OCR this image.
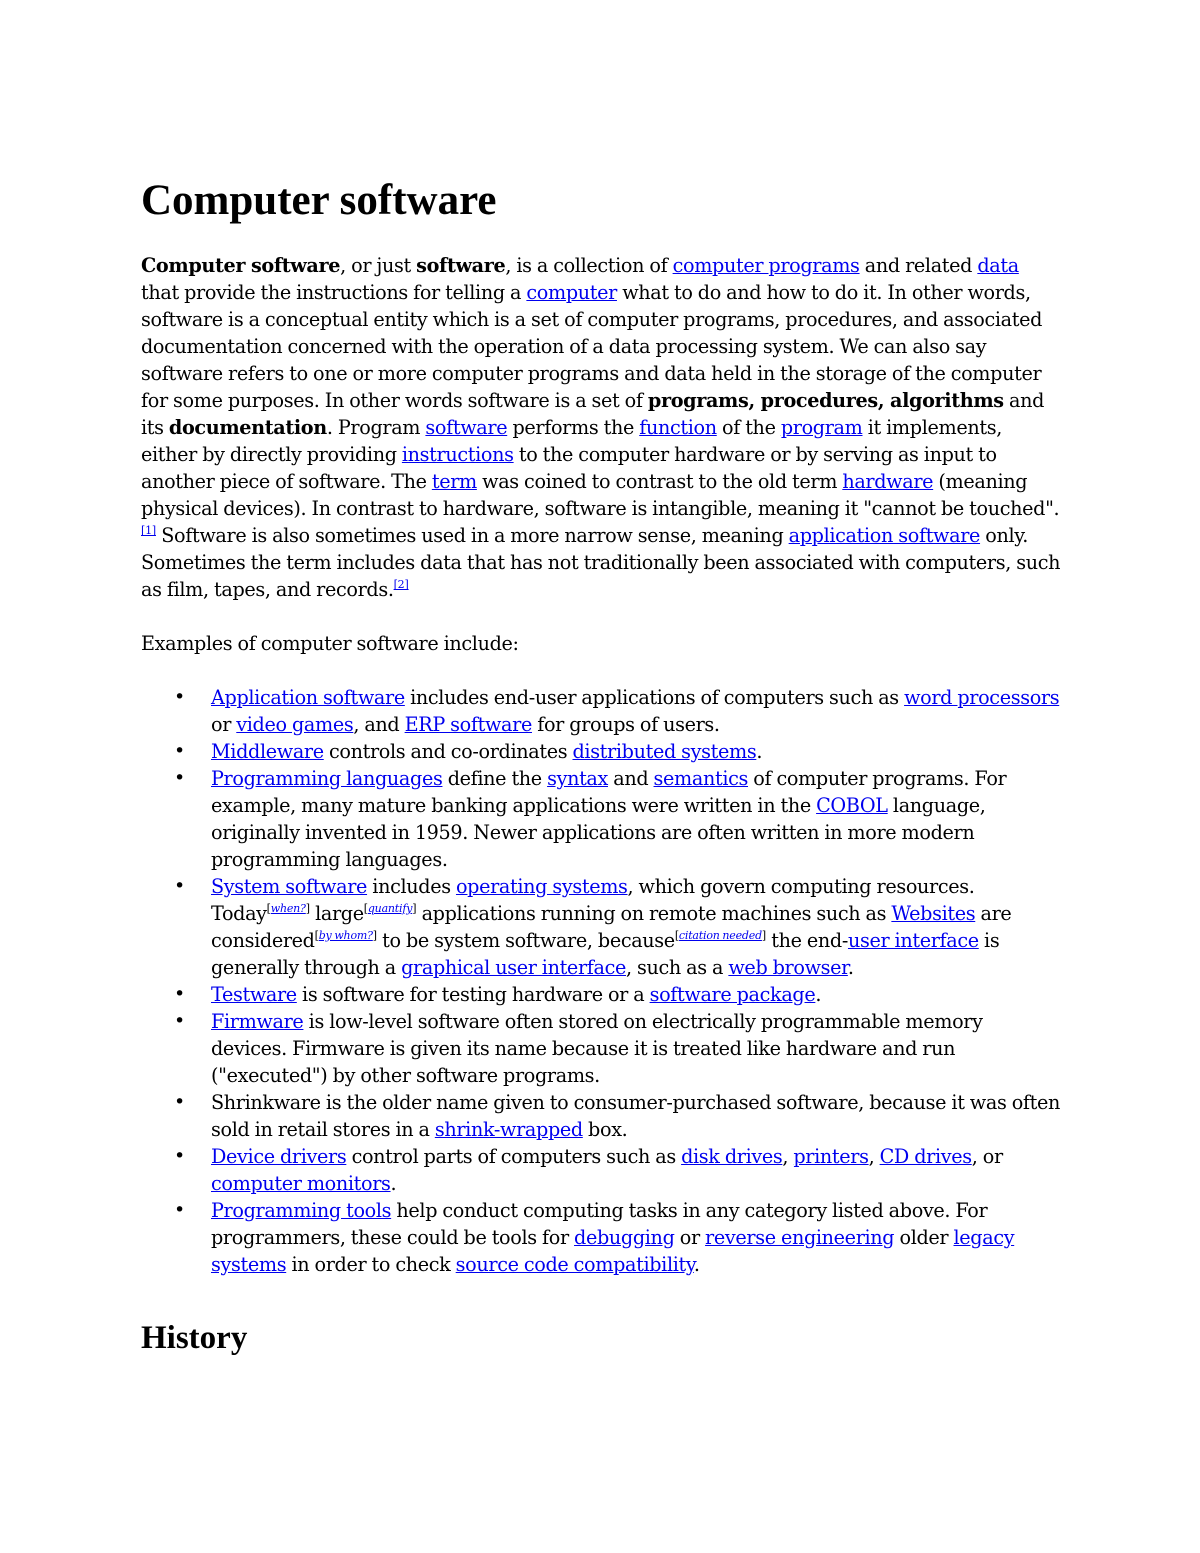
Computer software

Computer software, or just software, is a collection of computer programs and related data that provide the instructions for telling a computer what to do and how to do it. In other words, software is a conceptual entity which is a set of computer programs, procedures, and associated documentation concerned with the operation of a data processing system. We can also say software refers to one or more computer programs and data held in the storage of the computer for some purposes. In other words software is a set of programs, procedures, algorithms and its documentation. Program software performs the function of the program it implements, either by directly providing instructions to the computer hardware or by serving as input to another piece of software. The term was coined to contrast to the old term hardware (meaning physical devices). In contrast to hardware, software is intangible, meaning it "cannot be touched".[1] Software is also sometimes used in a more narrow sense, meaning application software only. Sometimes the term includes data that has not traditionally been associated with computers, such as film, tapes, and records.[2]

Examples of computer software include:

• Application software includes end-user applications of computers such as word processors or video games, and ERP software for groups of users.
• Middleware controls and co-ordinates distributed systems.
• Programming languages define the syntax and semantics of computer programs. For example, many mature banking applications were written in the COBOL language, originally invented in 1959. Newer applications are often written in more modern programming languages.
• System software includes operating systems, which govern computing resources. Today[when?] large[quantify] applications running on remote machines such as Websites are considered[by whom?] to be system software, because[citation needed] the end-user interface is generally through a graphical user interface, such as a web browser.
• Testware is software for testing hardware or a software package.
• Firmware is low-level software often stored on electrically programmable memory devices. Firmware is given its name because it is treated like hardware and run ("executed") by other software programs.
• Shrinkware is the older name given to consumer-purchased software, because it was often sold in retail stores in a shrink-wrapped box.
• Device drivers control parts of computers such as disk drives, printers, CD drives, or computer monitors.
• Programming tools help conduct computing tasks in any category listed above. For programmers, these could be tools for debugging or reverse engineering older legacy systems in order to check source code compatibility.
History
